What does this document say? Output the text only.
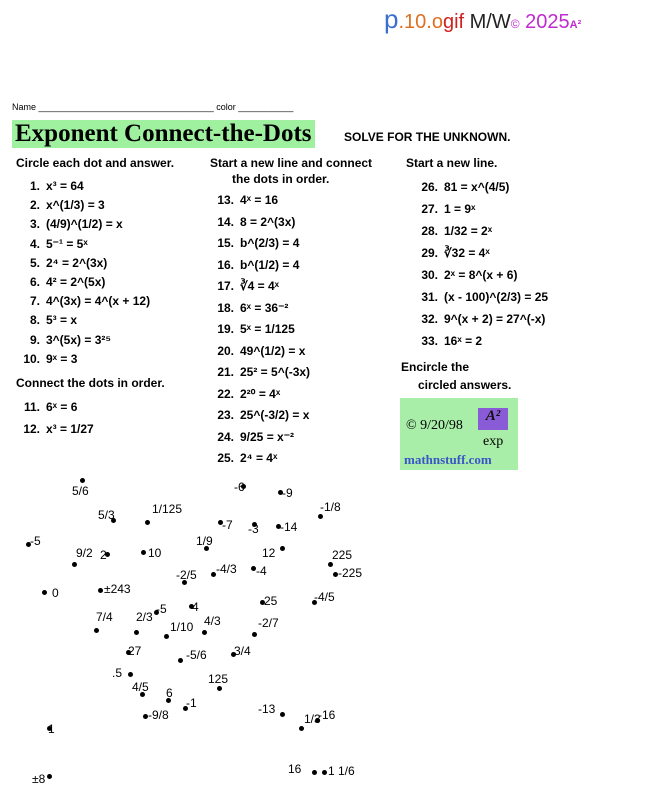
p.10.ogif M/W© 2025A²
Name ___________________________________ color ___________
Exponent Connect-the-Dots	SOLVE FOR THE UNKNOWN.
Circle each dot and answer.
1. x³ = 64
2. x^(1/3) = 3
3. (4/9)^(1/2) = x
4. 5⁻¹ = 5ˣ
5. 2⁴ = 2^(3x)
6. 4² = 2^(5x)
7. 4^(3x) = 4^(x + 12)
8. 5³ = x
9. 3^(5x) = 3²⁵
10. 9ˣ = 3
Connect the dots in order.
11. 6ˣ = 6
12. x³ = 1/27
Start a new line and connect
the dots in order.
13. 4ˣ = 16
14. 8 = 2^(3x)
15. b^(2/3) = 4
16. b^(1/2) = 4
17. ∛4 = 4ˣ
18. 6ˣ = 36⁻²
19. 5ˣ = 1/125
20. 49^(1/2) = x
21. 25² = 5^(-3x)
22. 2²⁰ = 4ˣ
23. 25^(-3/2) = x
24. 9/25 = x⁻²
25. 2⁴ = 4ˣ
Start a new line.
26. 81 = x^(4/5)
27. 1 = 9ˣ
28. 1/32 = 2ˣ
29. ∛32 = 4ˣ
30. 2ˣ = 8^(x + 6)
31. (x - 100)^(2/3) = 25
32. 9^(x + 2) = 27^(-x)
33. 16ˣ = 2
Encircle the
circled answers.
© 9/20/98
A²
exp
mathnstuff.com
5/6	-6	-9
5/3	1/125	-1/8
-5
-7 -3 -14
9/2 2	10
1/9
12	225
-4/3 -4	-225
0	±243
-2/5
-5 4	25	-4/5
7/4 2/3
1/10 4/3	-2/7
27	-5/6 3/4
.5	125
4/5 6
-1
-9/8	-13	-16
1/3
1
±8
16 1 1/6
